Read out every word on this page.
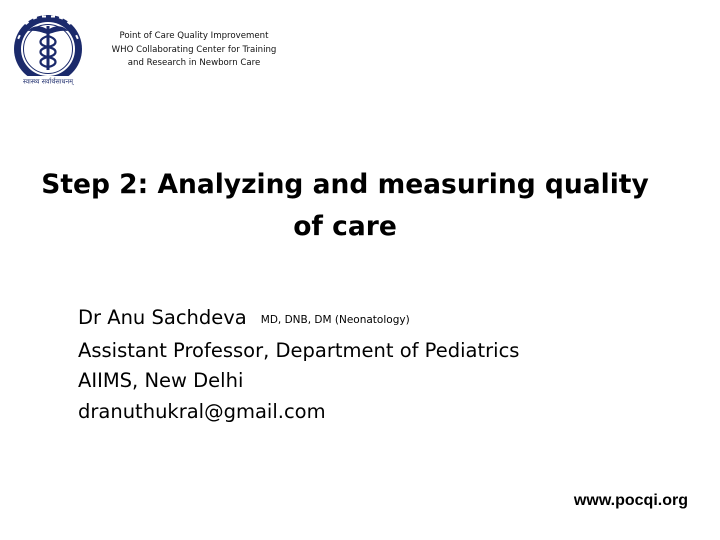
स्वास्थ्य सर्वार्थसाधनम्
Point of Care Quality Improvement
WHO Collaborating Center for Training
and Research in Newborn Care
Step 2: Analyzing and measuring quality
of care
Dr Anu Sachdeva MD, DNB, DM (Neonatology)
Assistant Professor, Department of Pediatrics
AIIMS, New Delhi
dranuthukral@gmail.com
www.pocqi.org
